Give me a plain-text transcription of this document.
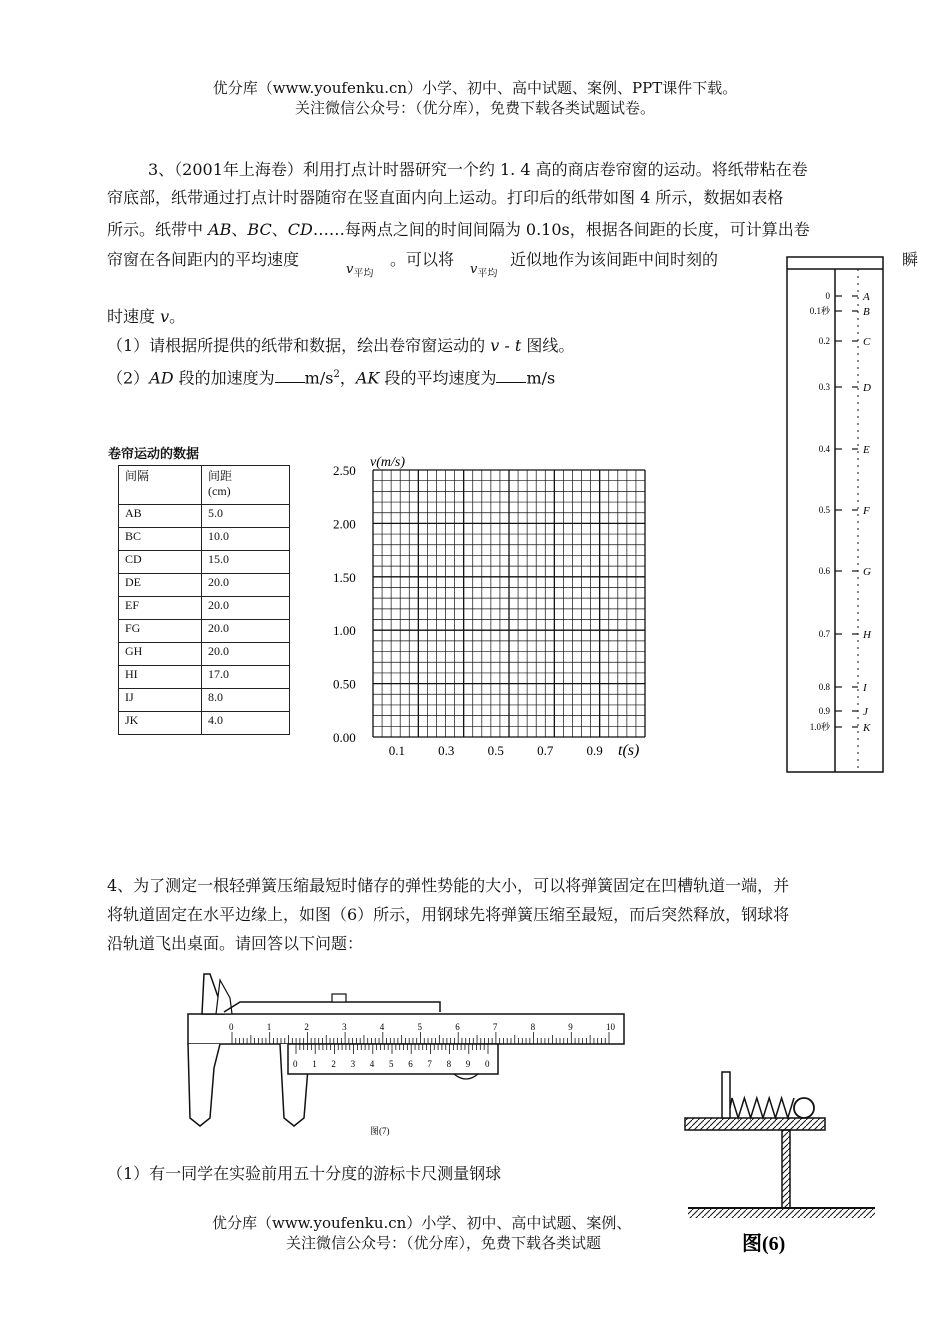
优分库（www.youfenku.cn）小学、初中、高中试题、案例、PPT课件下载。
关注微信公众号：（优分库），免费下载各类试题试卷。
3、（2001年上海卷）利用打点计时器研究一个约 1. 4 高的商店卷帘窗的运动。将纸带粘在卷
帘底部，纸带通过打点计时器随帘在竖直面内向上运动。打印后的纸带如图 4 所示，数据如表格
所示。纸带中 AB、BC、CD……每两点之间的时间间隔为 0.10s，根据各间距的长度，可计算出卷
帘窗在各间距内的平均速度
$v_{平均}$
。可以将
$v_{平均}$
近似地作为该间距中间时刻的	瞬
时速度 v。
（1）请根据所提供的纸带和数据，绘出卷帘窗运动的 v - t 图线。
（2）AD 段的加速度为 $m/s^2$，AK 段的平均速度为 m/s
卷帘运动的数据
间隔	间距
(cm)
AB	5.0
BC	10.0
CD	15.0
DE	20.0
EF	20.0
FG	20.0
GH	20.0
HI	17.0
IJ	8.0
JK	4.0
v(m/s)
t(s)
0.00
0.50
1.00
1.50
2.00
2.50
0.1	0.3	0.5	0.7	0.9
0	A
0.1秒	B
0.2	C
0.3	D
0.4	E
0.5	F
0.6	G
0.7	H
0.8	I
0.9	J
1.0秒	K
4、为了测定一根轻弹簧压缩最短时储存的弹性势能的大小，可以将弹簧固定在凹槽轨道一端，并
将轨道固定在水平边缘上，如图（6）所示，用钢球先将弹簧压缩至最短，而后突然释放，钢球将
沿轨道飞出桌面。请回答以下问题：
0	1	2	3	4	5	6	7	8	9	10
0 1 2 3 4 5 6 7 8 9 0
图(7)
（1）有一同学在实验前用五十分度的游标卡尺测量钢球
图(6)
优分库（www.youfenku.cn）小学、初中、高中试题、案例、
关注微信公众号：（优分库），免费下载各类试题
